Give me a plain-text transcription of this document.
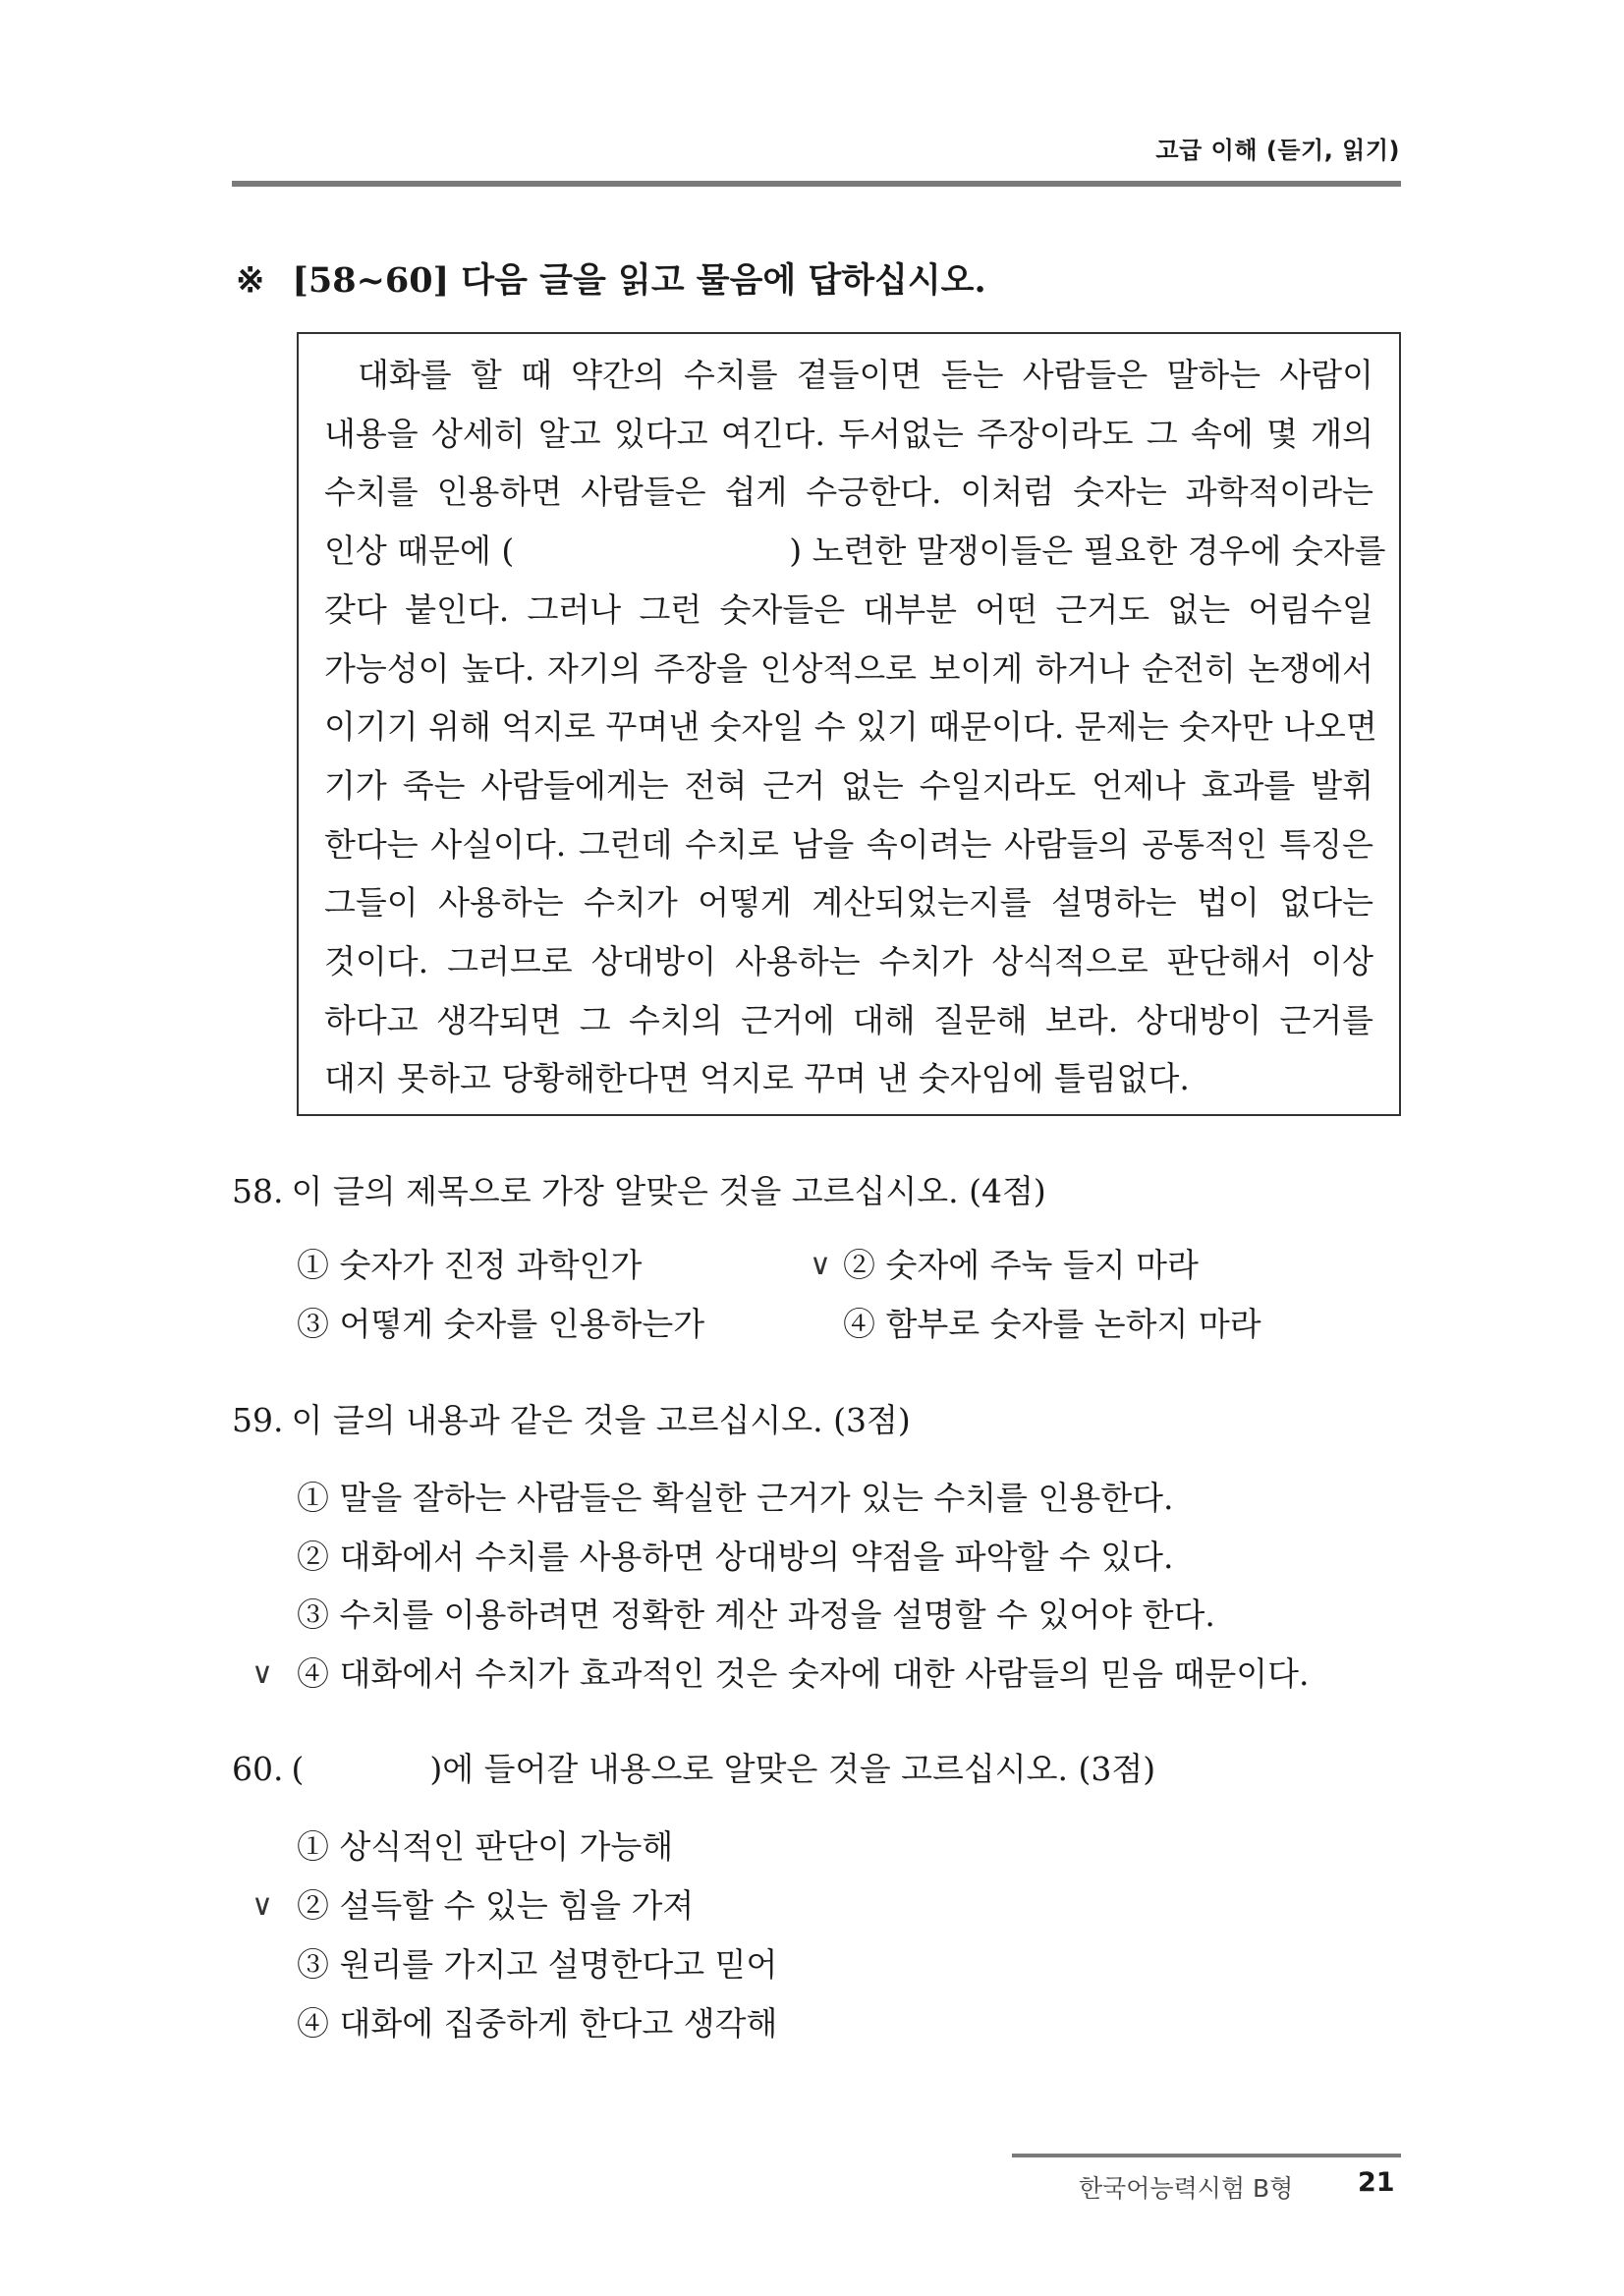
고급 이해 (듣기, 읽기)
※ [58~60] 다음 글을 읽고 물음에 답하십시오.
대화를 할 때 약간의 수치를 곁들이면 듣는 사람들은 말하는 사람이
내용을 상세히 알고 있다고 여긴다. 두서없는 주장이라도 그 속에 몇 개의
수치를 인용하면 사람들은 쉽게 수긍한다. 이처럼 숫자는 과학적이라는
인상 때문에 (	) 노련한 말쟁이들은 필요한 경우에 숫자를
갖다 붙인다. 그러나 그런 숫자들은 대부분 어떤 근거도 없는 어림수일
가능성이 높다. 자기의 주장을 인상적으로 보이게 하거나 순전히 논쟁에서
이기기 위해 억지로 꾸며낸 숫자일 수 있기 때문이다. 문제는 숫자만 나오면
기가 죽는 사람들에게는 전혀 근거 없는 수일지라도 언제나 효과를 발휘
한다는 사실이다. 그런데 수치로 남을 속이려는 사람들의 공통적인 특징은
그들이 사용하는 수치가 어떻게 계산되었는지를 설명하는 법이 없다는
것이다. 그러므로 상대방이 사용하는 수치가 상식적으로 판단해서 이상
하다고 생각되면 그 수치의 근거에 대해 질문해 보라. 상대방이 근거를
대지 못하고 당황해한다면 억지로 꾸며 낸 숫자임에 틀림없다.
58. 이 글의 제목으로 가장 알맞은 것을 고르십시오. (4점)
① 숫자가 진정 과학인가	∨ ② 숫자에 주눅 들지 마라
③ 어떻게 숫자를 인용하는가	④ 함부로 숫자를 논하지 마라
59. 이 글의 내용과 같은 것을 고르십시오. (3점)
① 말을 잘하는 사람들은 확실한 근거가 있는 수치를 인용한다.
② 대화에서 수치를 사용하면 상대방의 약점을 파악할 수 있다.
③ 수치를 이용하려면 정확한 계산 과정을 설명할 수 있어야 한다.
∨ ④ 대화에서 수치가 효과적인 것은 숫자에 대한 사람들의 믿음 때문이다.
60. (	)에 들어갈 내용으로 알맞은 것을 고르십시오. (3점)
① 상식적인 판단이 가능해
∨ ② 설득할 수 있는 힘을 가져
③ 원리를 가지고 설명한다고 믿어
④ 대화에 집중하게 한다고 생각해
한국어능력시험 B형 21
